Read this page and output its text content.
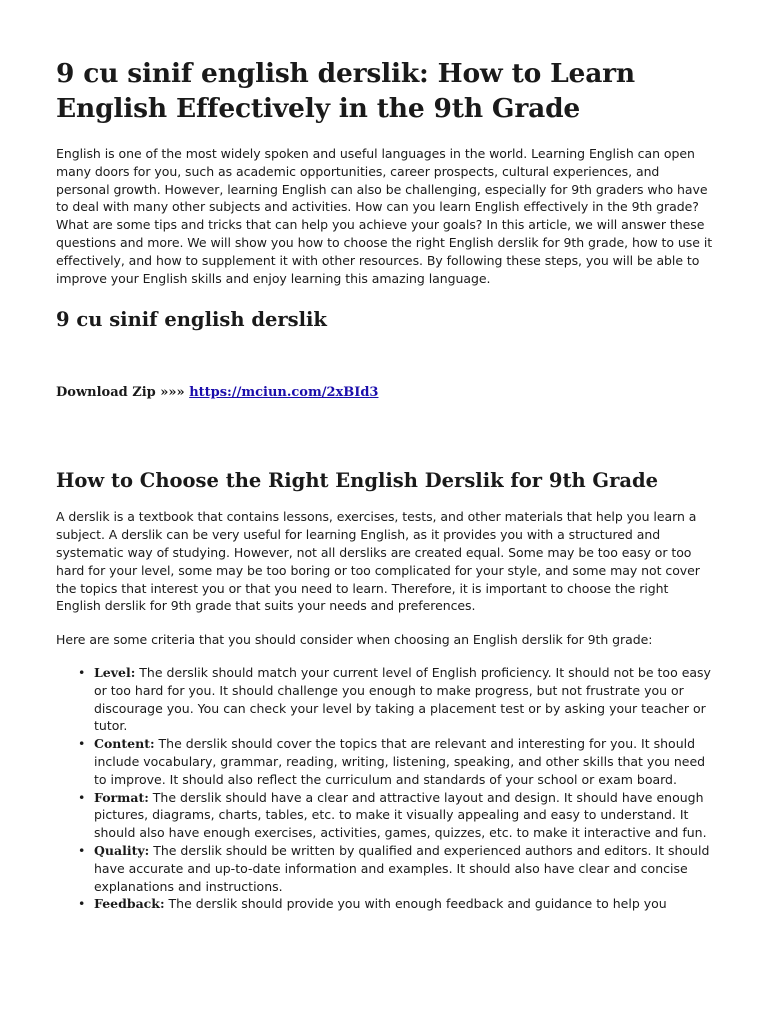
9 cu sinif english derslik: How to Learn English Effectively in the 9th Grade

English is one of the most widely spoken and useful languages in the world. Learning English can open many doors for you, such as academic opportunities, career prospects, cultural experiences, and personal growth. However, learning English can also be challenging, especially for 9th graders who have to deal with many other subjects and activities. How can you learn English effectively in the 9th grade? What are some tips and tricks that can help you achieve your goals? In this article, we will answer these questions and more. We will show you how to choose the right English derslik for 9th grade, how to use it effectively, and how to supplement it with other resources. By following these steps, you will be able to improve your English skills and enjoy learning this amazing language.

9 cu sinif english derslik
Download Zip »»» https://mciun.com/2xBId3
How to Choose the Right English Derslik for 9th Grade

A derslik is a textbook that contains lessons, exercises, tests, and other materials that help you learn a subject. A derslik can be very useful for learning English, as it provides you with a structured and systematic way of studying. However, not all dersliks are created equal. Some may be too easy or too hard for your level, some may be too boring or too complicated for your style, and some may not cover the topics that interest you or that you need to learn. Therefore, it is important to choose the right English derslik for 9th grade that suits your needs and preferences.

Here are some criteria that you should consider when choosing an English derslik for 9th grade:

• Level: The derslik should match your current level of English proficiency. It should not be too easy or too hard for you. It should challenge you enough to make progress, but not frustrate you or discourage you. You can check your level by taking a placement test or by asking your teacher or tutor.
• Content: The derslik should cover the topics that are relevant and interesting for you. It should include vocabulary, grammar, reading, writing, listening, speaking, and other skills that you need to improve. It should also reflect the curriculum and standards of your school or exam board.
• Format: The derslik should have a clear and attractive layout and design. It should have enough pictures, diagrams, charts, tables, etc. to make it visually appealing and easy to understand. It should also have enough exercises, activities, games, quizzes, etc. to make it interactive and fun.
• Quality: The derslik should be written by qualified and experienced authors and editors. It should have accurate and up-to-date information and examples. It should also have clear and concise explanations and instructions.
• Feedback: The derslik should provide you with enough feedback and guidance to help you
